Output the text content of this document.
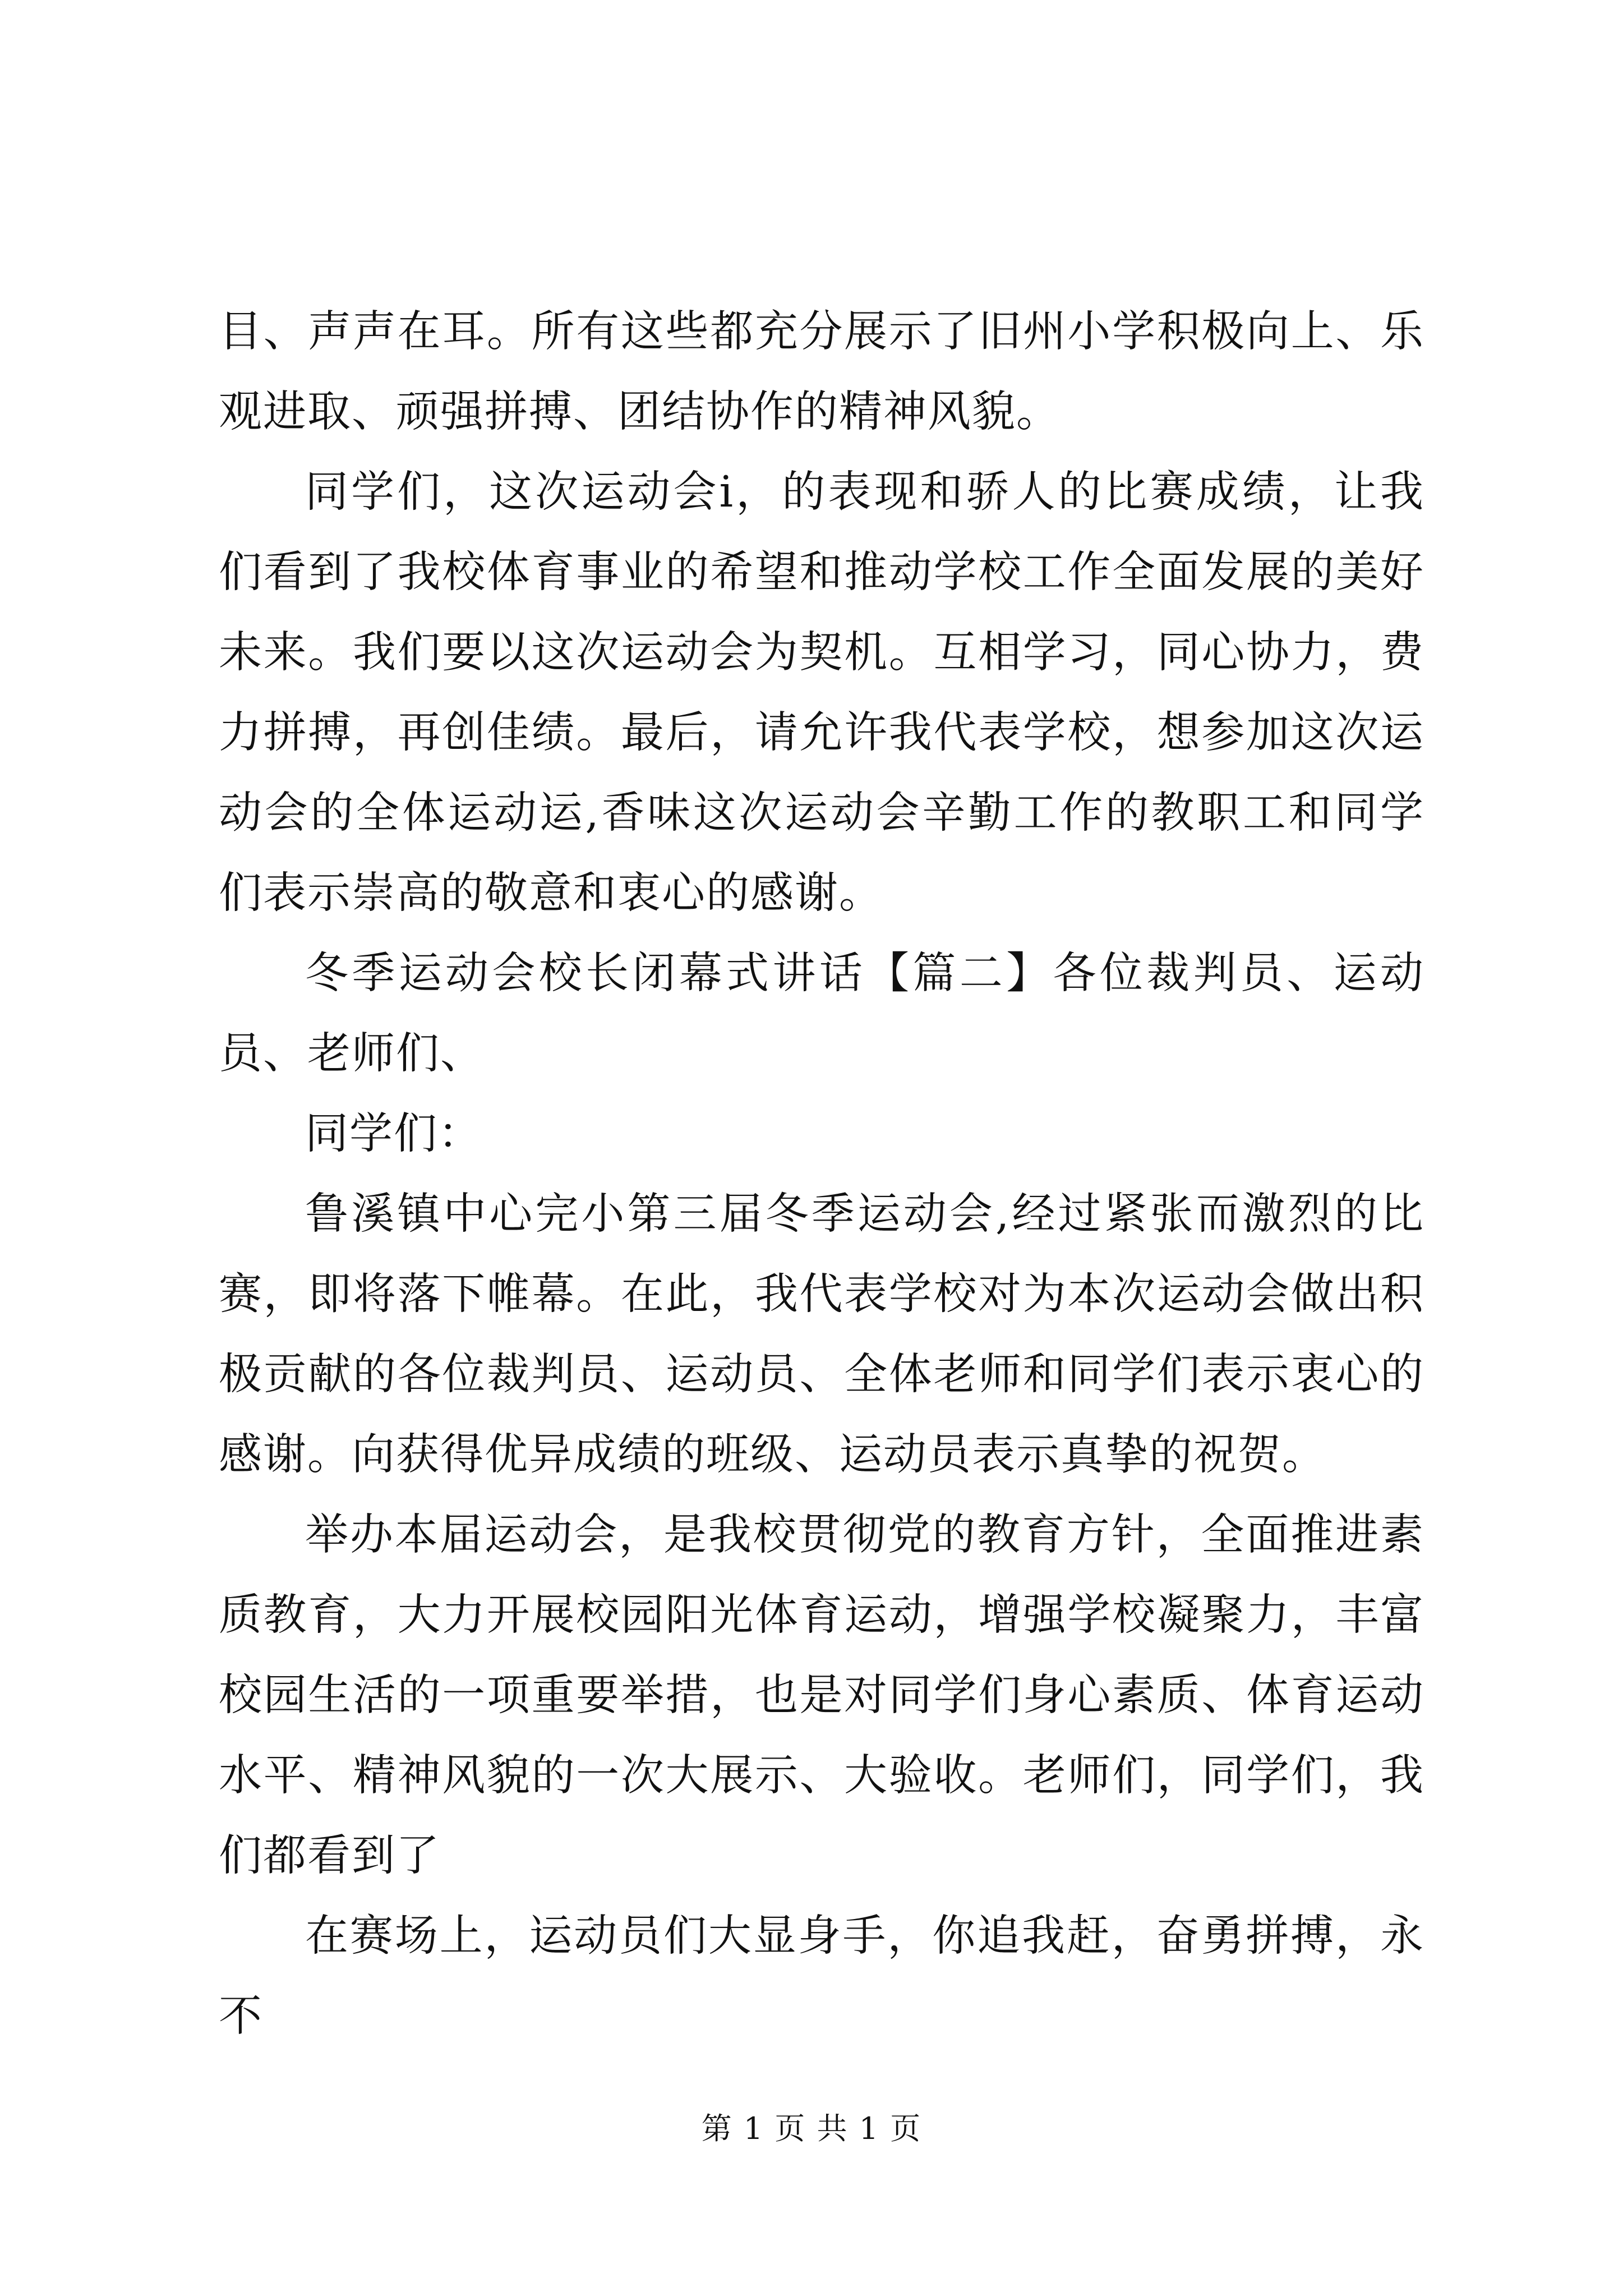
目、声声在耳。所有这些都充分展示了旧州小学积极向上、乐观进取、顽强拼搏、团结协作的精神风貌。

同学们，这次运动会i，的表现和骄人的比赛成绩，让我们看到了我校体育事业的希望和推动学校工作全面发展的美好未来。我们要以这次运动会为契机。互相学习，同心协力，费力拼搏，再创佳绩。最后，请允许我代表学校，想参加这次运动会的全体运动运,香味这次运动会辛勤工作的教职工和同学们表示崇高的敬意和衷心的感谢。

冬季运动会校长闭幕式讲话【篇二】各位裁判员、运动员、老师们、

同学们：

鲁溪镇中心完小第三届冬季运动会,经过紧张而激烈的比赛，即将落下帷幕。在此，我代表学校对为本次运动会做出积极贡献的各位裁判员、运动员、全体老师和同学们表示衷心的感谢。向获得优异成绩的班级、运动员表示真挚的祝贺。

举办本届运动会，是我校贯彻党的教育方针，全面推进素质教育，大力开展校园阳光体育运动，增强学校凝聚力，丰富校园生活的一项重要举措，也是对同学们身心素质、体育运动水平、精神风貌的一次大展示、大验收。老师们，同学们，我们都看到了

在赛场上，运动员们大显身手，你追我赶，奋勇拼搏，永不

第 1 页 共 1 页
